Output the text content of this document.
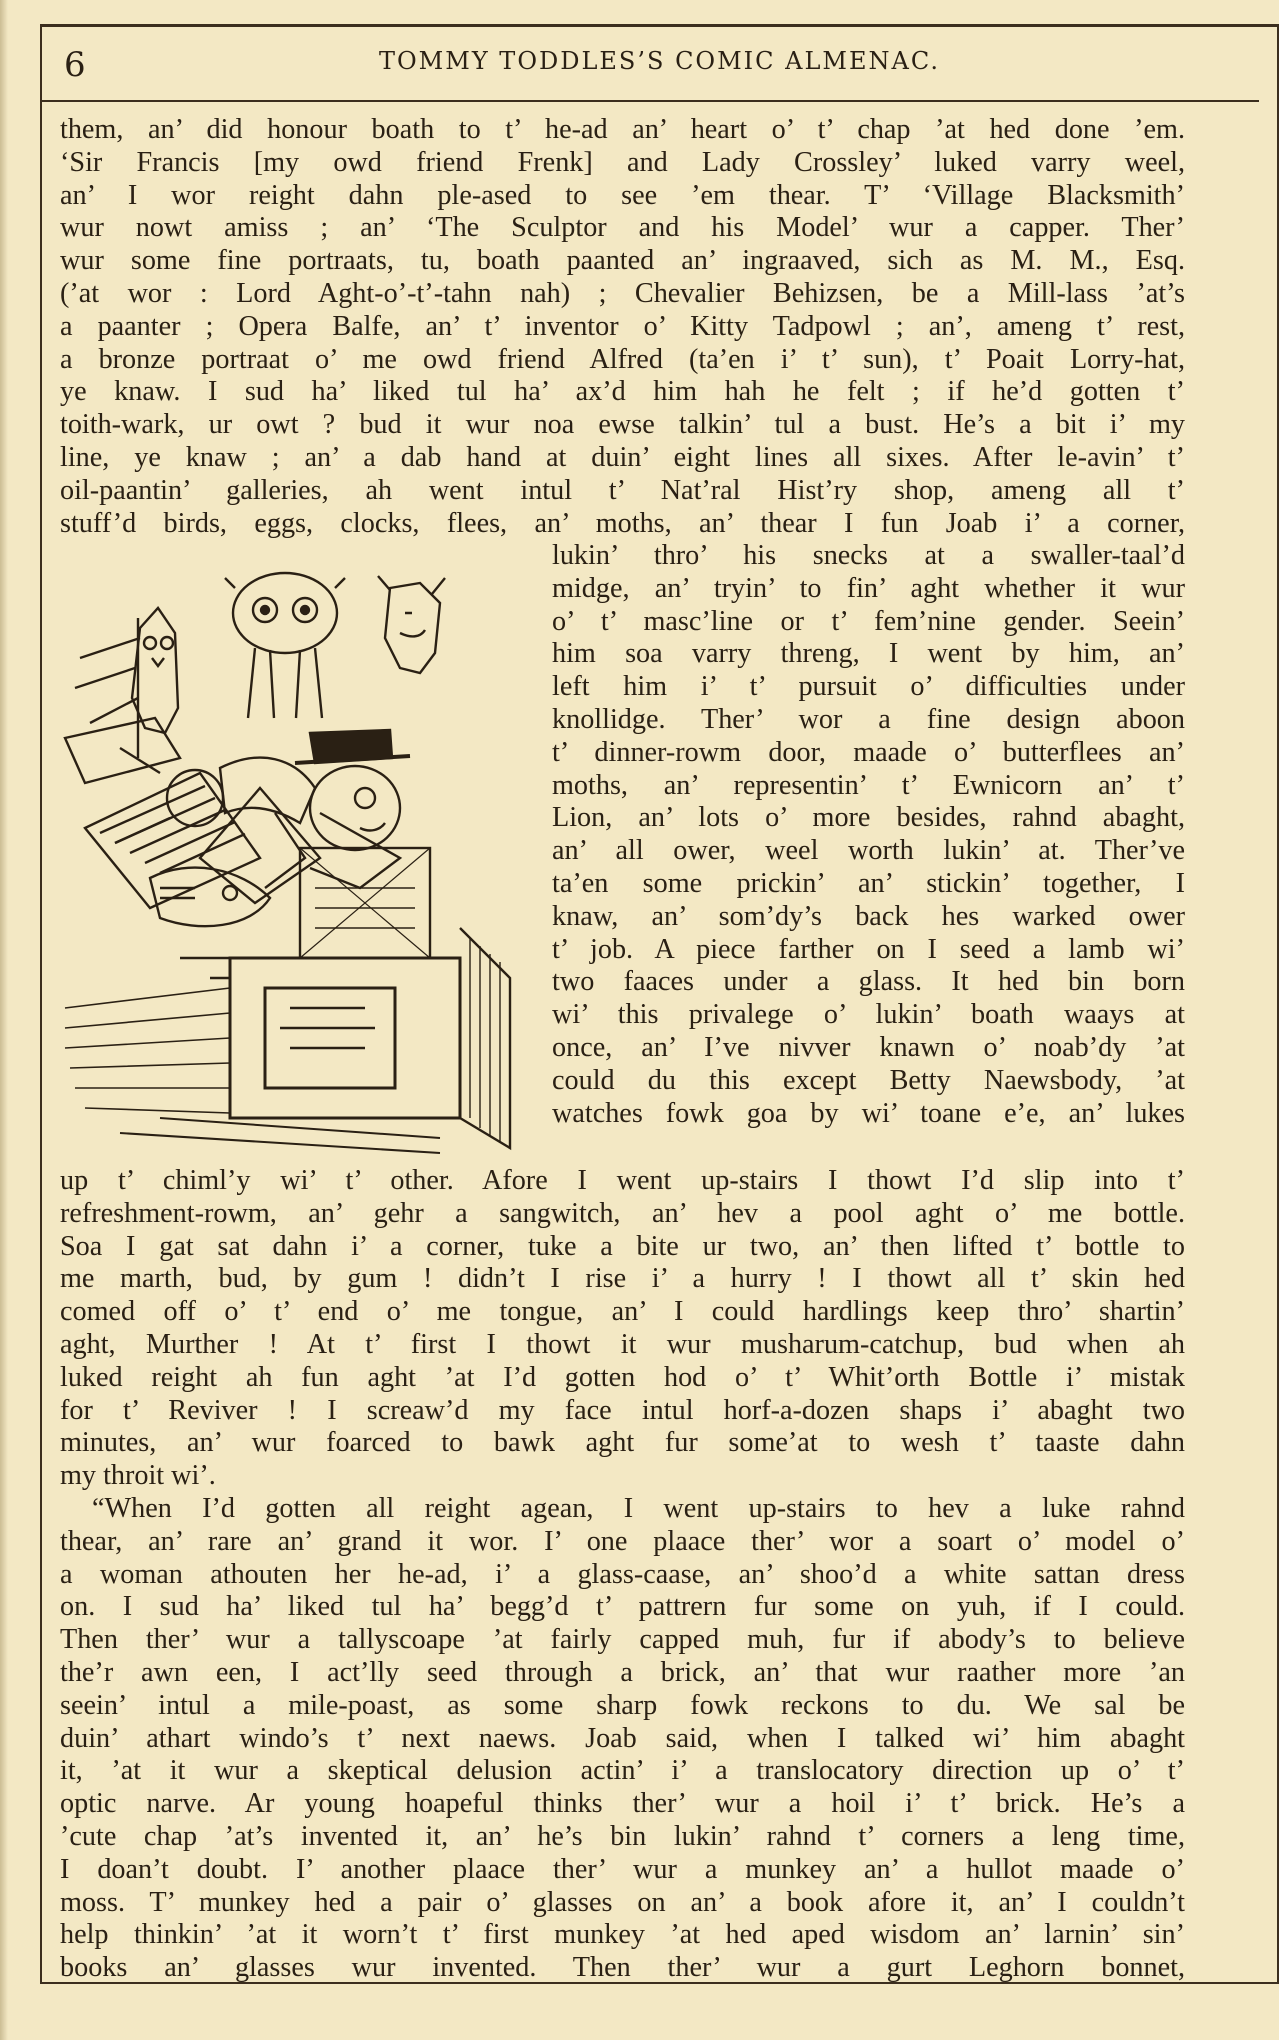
6	TOMMY TODDLES’S COMIC ALMENAC.
them, an’ did honour boath to t’ he-ad an’ heart o’ t’ chap ’at hed done ’em.
‘Sir Francis [my owd friend Frenk] and Lady Crossley’ luked varry weel,
an’ I wor reight dahn ple-ased to see ’em thear. T’ ‘Village Blacksmith’
wur nowt amiss ; an’ ‘The Sculptor and his Model’ wur a capper. Ther’
wur some fine portraats, tu, boath paanted an’ ingraaved, sich as M. M., Esq.
(’at wor : Lord Aght-o’-t’-tahn nah) ; Chevalier Behizsen, be a Mill-lass ’at’s
a paanter ; Opera Balfe, an’ t’ inventor o’ Kitty Tadpowl ; an’, ameng t’ rest,
a bronze portraat o’ me owd friend Alfred (ta’en i’ t’ sun), t’ Poait Lorry-hat,
ye knaw. I sud ha’ liked tul ha’ ax’d him hah he felt ; if he’d gotten t’
toith-wark, ur owt ? bud it wur noa ewse talkin’ tul a bust. He’s a bit i’ my
line, ye knaw ; an’ a dab hand at duin’ eight lines all sixes. After le-avin’ t’
oil-paantin’ galleries, ah went intul t’ Nat’ral Hist’ry shop, ameng all t’
stuff’d birds, eggs, clocks, flees, an’ moths, an’ thear I fun Joab i’ a corner,
lukin’ thro’ his snecks at a swaller-taal’d
midge, an’ tryin’ to fin’ aght whether it wur
o’ t’ masc’line or t’ fem’nine gender. Seein’
him soa varry threng, I went by him, an’
left him i’ t’ pursuit o’ difficulties under
knollidge. Ther’ wor a fine design aboon
t’ dinner-rowm door, maade o’ butterflees an’
moths, an’ representin’ t’ Ewnicorn an’ t’
Lion, an’ lots o’ more besides, rahnd abaght,
an’ all ower, weel worth lukin’ at. Ther’ve
ta’en some prickin’ an’ stickin’ together, I
knaw, an’ som’dy’s back hes warked ower
t’ job. A piece farther on I seed a lamb wi’
two faaces under a glass. It hed bin born
wi’ this privalege o’ lukin’ boath waays at
once, an’ I’ve nivver knawn o’ noab’dy ’at
could du this except Betty Naewsbody, ’at
watches fowk goa by wi’ toane e’e, an’ lukes
up t’ chiml’y wi’ t’ other. Afore I went up-stairs I thowt I’d slip into t’
refreshment-rowm, an’ gehr a sangwitch, an’ hev a pool aght o’ me bottle.
Soa I gat sat dahn i’ a corner, tuke a bite ur two, an’ then lifted t’ bottle to
me marth, bud, by gum ! didn’t I rise i’ a hurry ! I thowt all t’ skin hed
comed off o’ t’ end o’ me tongue, an’ I could hardlings keep thro’ shartin’
aght, Murther ! At t’ first I thowt it wur musharum-catchup, bud when ah
luked reight ah fun aght ’at I’d gotten hod o’ t’ Whit’orth Bottle i’ mistak
for t’ Reviver ! I screaw’d my face intul horf-a-dozen shaps i’ abaght two
minutes, an’ wur foarced to bawk aght fur some’at to wesh t’ taaste dahn
my throit wi’.
“When I’d gotten all reight agean, I went up-stairs to hev a luke rahnd
thear, an’ rare an’ grand it wor. I’ one plaace ther’ wor a soart o’ model o’
a woman athouten her he-ad, i’ a glass-caase, an’ shoo’d a white sattan dress
on. I sud ha’ liked tul ha’ begg’d t’ pattrern fur some on yuh, if I could.
Then ther’ wur a tallyscoape ’at fairly capped muh, fur if abody’s to believe
the’r awn een, I act’lly seed through a brick, an’ that wur raather more ’an
seein’ intul a mile-poast, as some sharp fowk reckons to du. We sal be
duin’ athart windo’s t’ next naews. Joab said, when I talked wi’ him abaght
it, ’at it wur a skeptical delusion actin’ i’ a translocatory direction up o’ t’
optic narve. Ar young hoapeful thinks ther’ wur a hoil i’ t’ brick. He’s a
’cute chap ’at’s invented it, an’ he’s bin lukin’ rahnd t’ corners a leng time,
I doan’t doubt. I’ another plaace ther’ wur a munkey an’ a hullot maade o’
moss. T’ munkey hed a pair o’ glasses on an’ a book afore it, an’ I couldn’t
help thinkin’ ’at it worn’t t’ first munkey ’at hed aped wisdom an’ larnin’ sin’
books an’ glasses wur invented. Then ther’ wur a gurt Leghorn bonnet,
